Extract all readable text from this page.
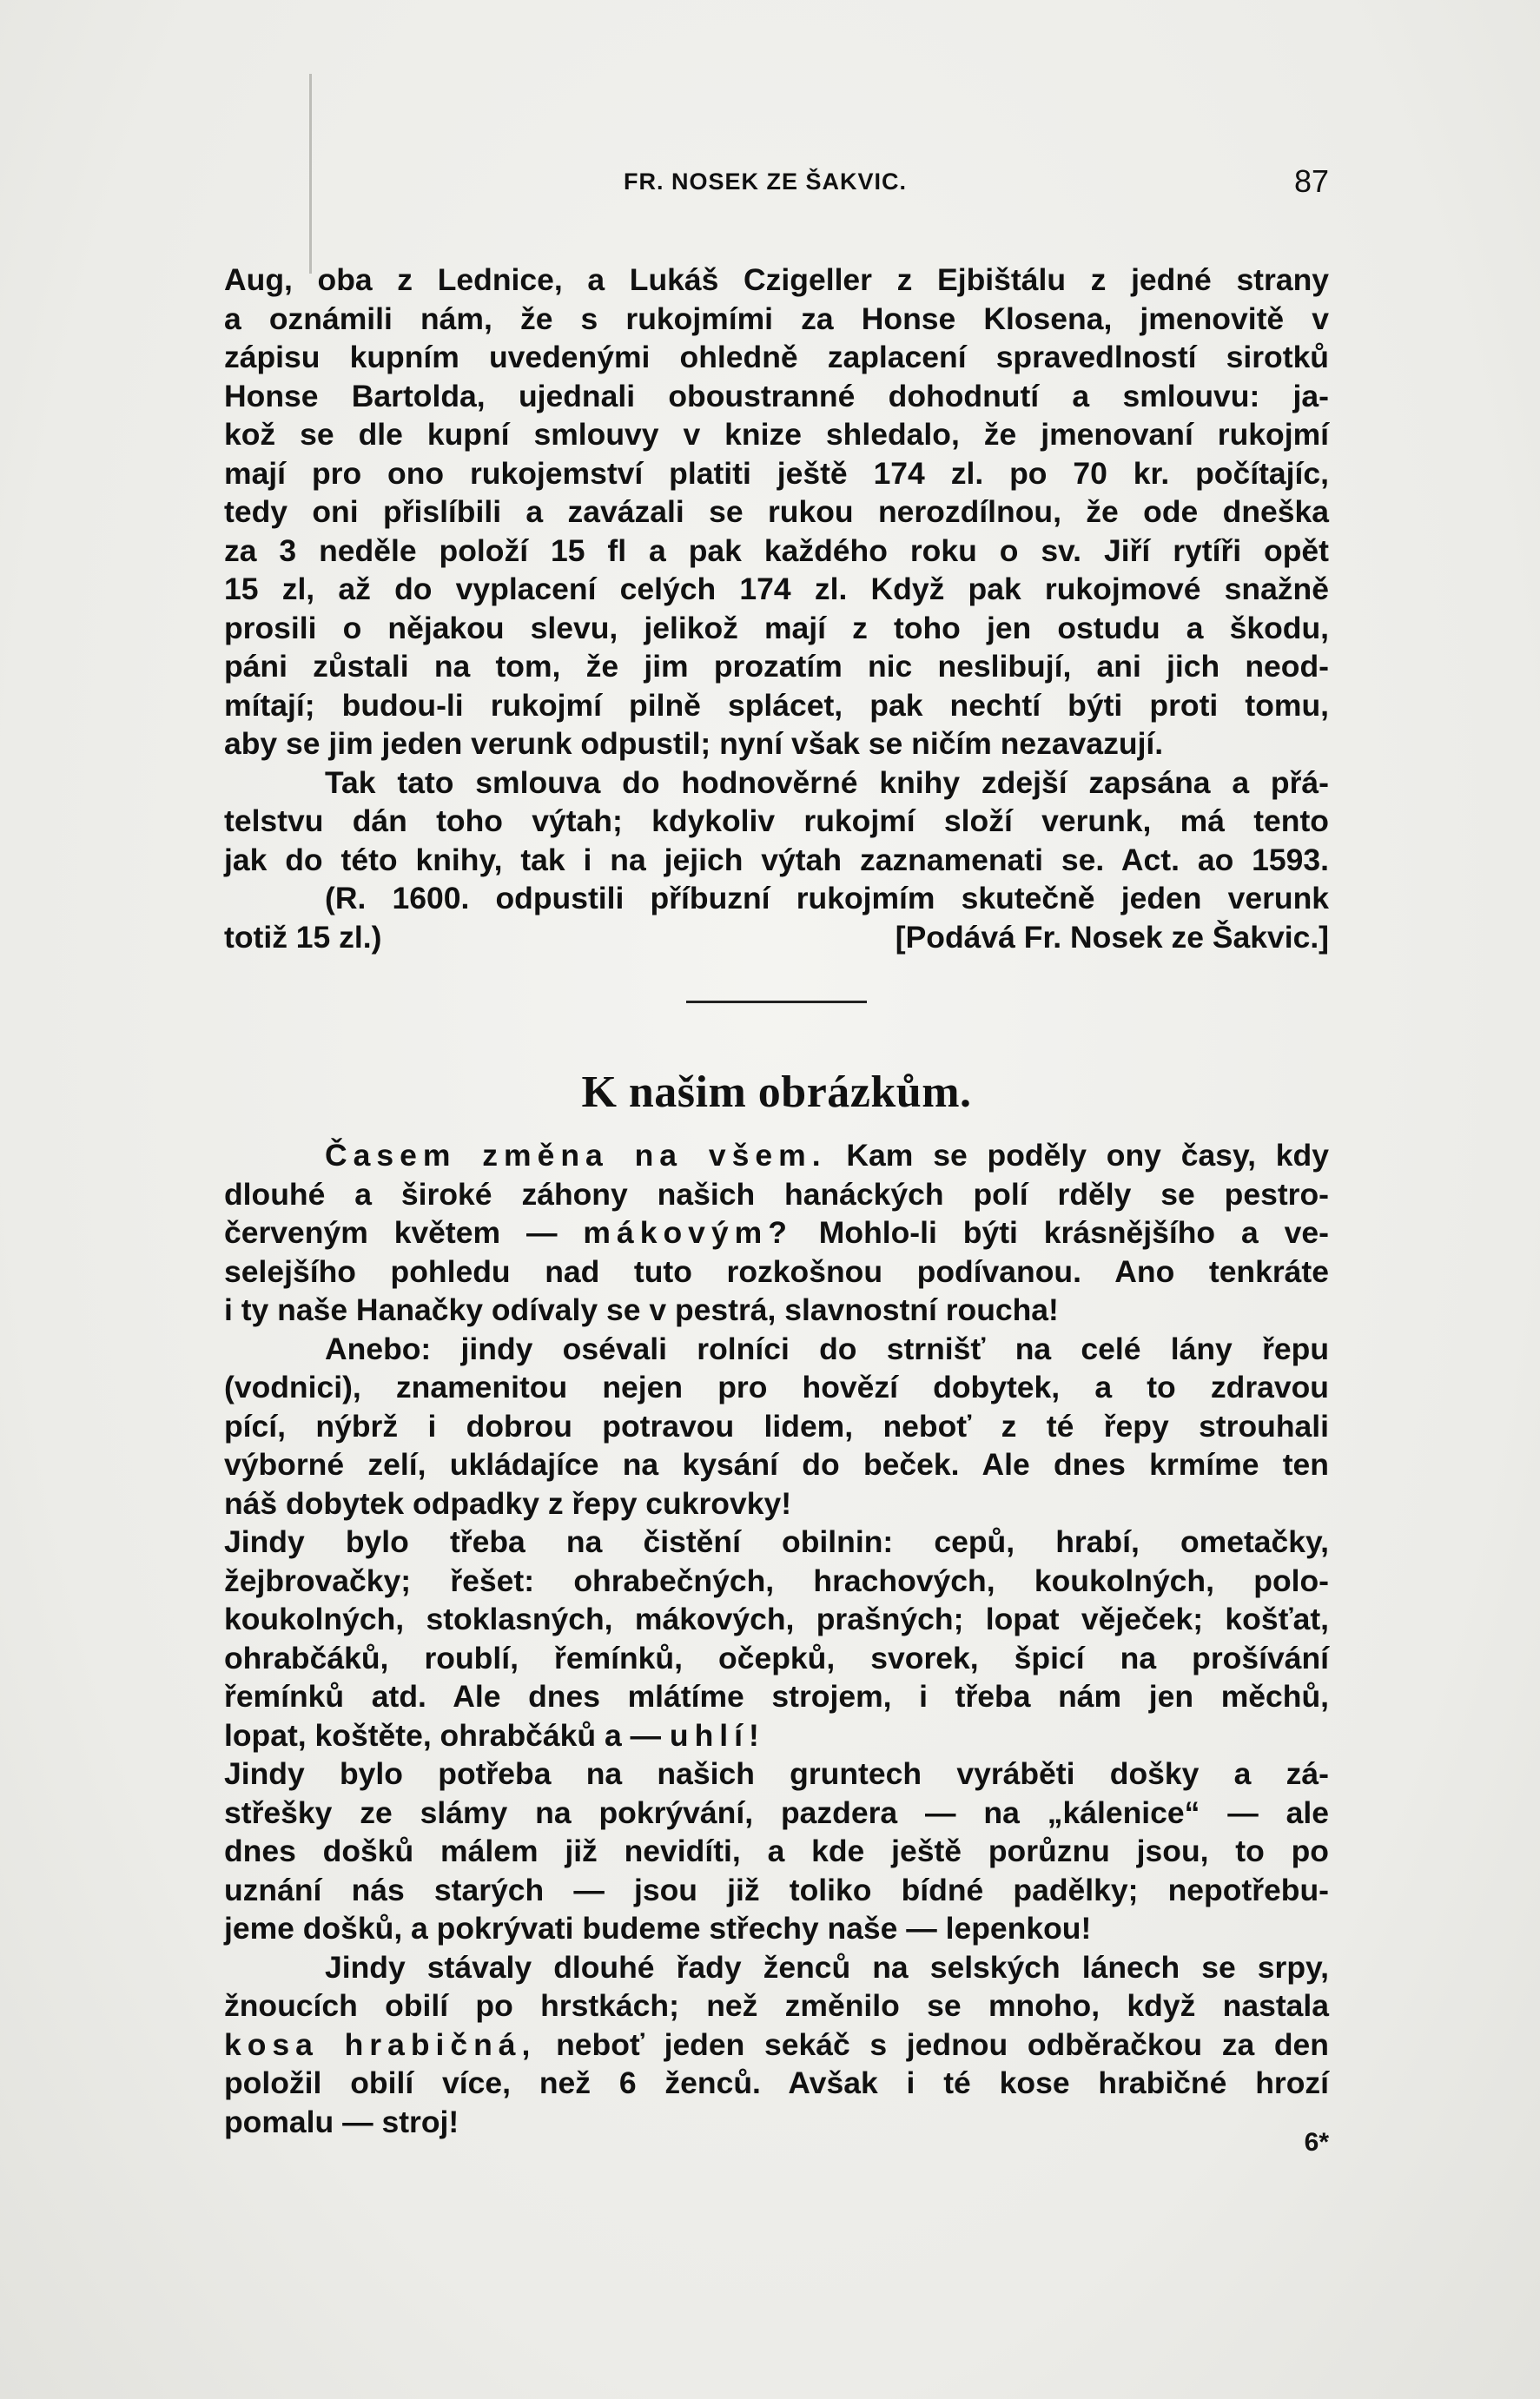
FR. NOSEK ZE ŠAKVIC.	87
Aug, oba z Lednice, a Lukáš Czigeller z Ejbištálu z jedné strany
a oznámili nám, že s rukojmími za Honse Klosena, jmenovitě v
zápisu kupním uvedenými ohledně zaplacení spravedlností sirotků
Honse Bartolda, ujednali oboustranné dohodnutí a smlouvu: ja-
kož se dle kupní smlouvy v knize shledalo, že jmenovaní rukojmí
mají pro ono rukojemství platiti ještě 174 zl. po 70 kr. počítajíc,
tedy oni přislíbili a zavázali se rukou nerozdílnou, že ode dneška
za 3 neděle položí 15 fl a pak každého roku o sv. Jiří rytíři opět
15 zl, až do vyplacení celých 174 zl. Když pak rukojmové snažně
prosili o nějakou slevu, jelikož mají z toho jen ostudu a škodu,
páni zůstali na tom, že jim prozatím nic neslibují, ani jich neod-
mítají; budou-li rukojmí pilně splácet, pak nechtí býti proti tomu,
aby se jim jeden verunk odpustil; nyní však se ničím nezavazují.
Tak tato smlouva do hodnověrné knihy zdejší zapsána a přá-
telstvu dán toho výtah; kdykoliv rukojmí složí verunk, má tento
jak do této knihy, tak i na jejich výtah zaznamenati se. Act. ao 1593.
(R. 1600. odpustili příbuzní rukojmím skutečně jeden verunk
totiž 15 zl.)	[Podává Fr. Nosek ze Šakvic.]
K našim obrázkům.
Časem změna na všem. Kam se poděly ony časy, kdy
dlouhé a široké záhony našich hanáckých polí rděly se pestro-
červeným květem — mákovým? Mohlo-li býti krásnějšího a ve-
selejšího pohledu nad tuto rozkošnou podívanou. Ano tenkráte
i ty naše Hanačky odívaly se v pestrá, slavnostní roucha!
Anebo: jindy osévali rolníci do strnišť na celé lány řepu
(vodnici), znamenitou nejen pro hovězí dobytek, a to zdravou
pící, nýbrž i dobrou potravou lidem, neboť z té řepy strouhali
výborné zelí, ukládajíce na kysání do beček. Ale dnes krmíme ten
náš dobytek odpadky z řepy cukrovky!
Jindy bylo třeba na čistění obilnin: cepů, hrabí, ometačky,
žejbrovačky; řešet: ohrabečných, hrachových, koukolných, polo-
koukolných, stoklasných, mákových, prašných; lopat věječek; košťat,
ohrabčáků, roublí, řemínků, očepků, svorek, špicí na prošívání
řemínků atd. Ale dnes mlátíme strojem, i třeba nám jen měchů,
lopat, koštěte, ohrabčáků a — uhlí!
Jindy bylo potřeba na našich gruntech vyráběti došky a zá-
střešky ze slámy na pokrývání, pazdera — na „kálenice“ — ale
dnes došků málem již nevidíti, a kde ještě porůznu jsou, to po
uznání nás starých — jsou již toliko bídné padělky; nepotřebu-
jeme došků, a pokrývati budeme střechy naše — lepenkou!
Jindy stávaly dlouhé řady ženců na selských lánech se srpy,
žnoucích obilí po hrstkách; než změnilo se mnoho, když nastala
kosa hrabičná, neboť jeden sekáč s jednou odběračkou za den
položil obilí více, než 6 ženců. Avšak i té kose hrabičné hrozí
pomalu — stroj!
6*
